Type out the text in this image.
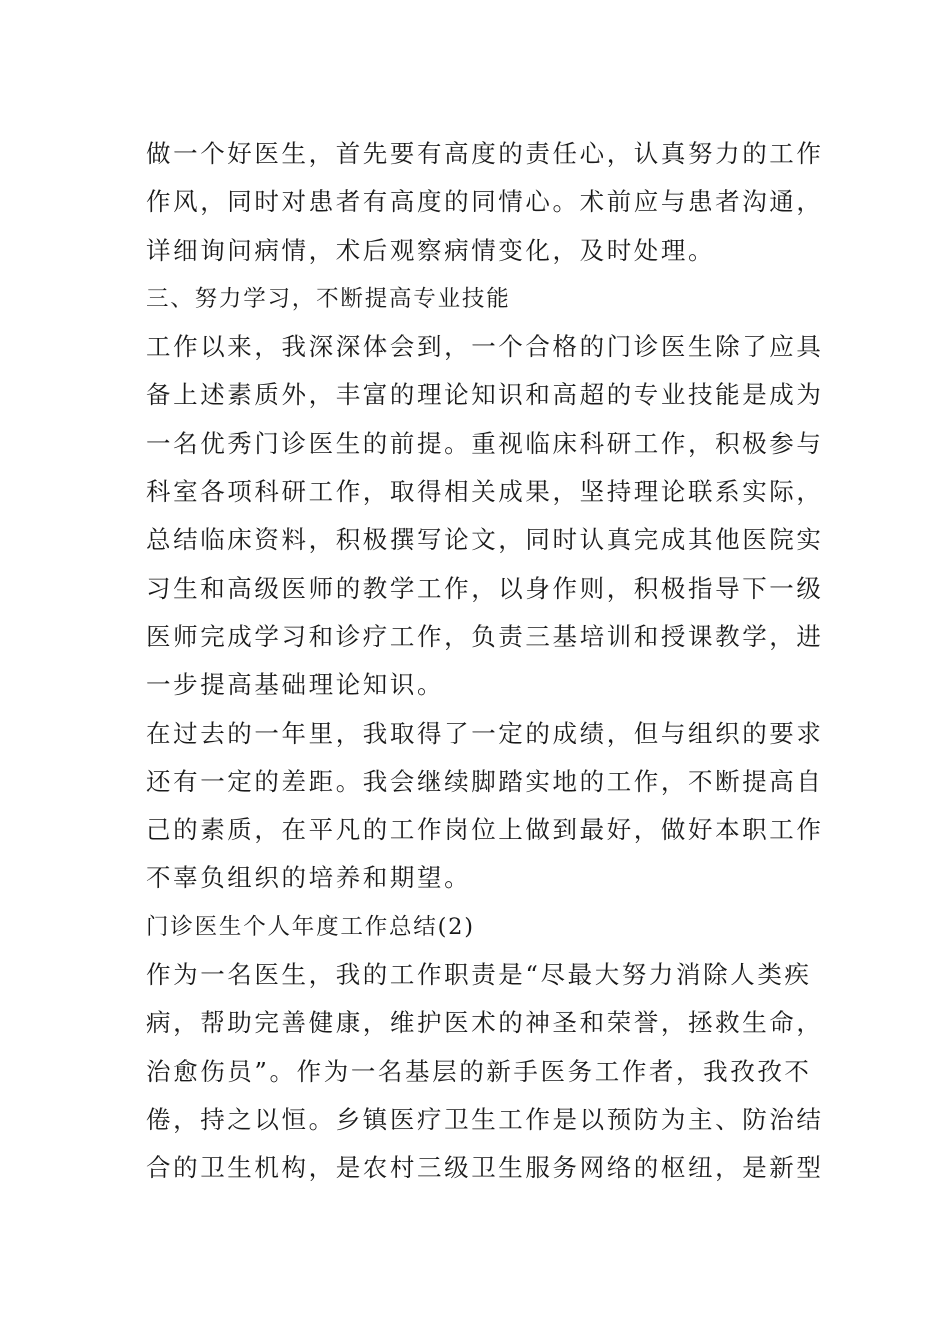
做一个好医生，首先要有高度的责任心，认真努力的工作
作风，同时对患者有高度的同情心。术前应与患者沟通，
详细询问病情，术后观察病情变化，及时处理。
三、努力学习，不断提高专业技能
工作以来，我深深体会到，一个合格的门诊医生除了应具
备上述素质外，丰富的理论知识和高超的专业技能是成为
一名优秀门诊医生的前提。重视临床科研工作，积极参与
科室各项科研工作，取得相关成果，坚持理论联系实际，
总结临床资料，积极撰写论文，同时认真完成其他医院实
习生和高级医师的教学工作，以身作则，积极指导下一级
医师完成学习和诊疗工作，负责三基培训和授课教学，进
一步提高基础理论知识。
在过去的一年里，我取得了一定的成绩，但与组织的要求
还有一定的差距。我会继续脚踏实地的工作，不断提高自
己的素质，在平凡的工作岗位上做到最好，做好本职工作
不辜负组织的培养和期望。
门诊医生个人年度工作总结(2)
作为一名医生，我的工作职责是“尽最大努力消除人类疾
病，帮助完善健康，维护医术的神圣和荣誉，拯救生命，
治愈伤员”。作为一名基层的新手医务工作者，我孜孜不
倦，持之以恒。乡镇医疗卫生工作是以预防为主、防治结
合的卫生机构，是农村三级卫生服务网络的枢纽，是新型
